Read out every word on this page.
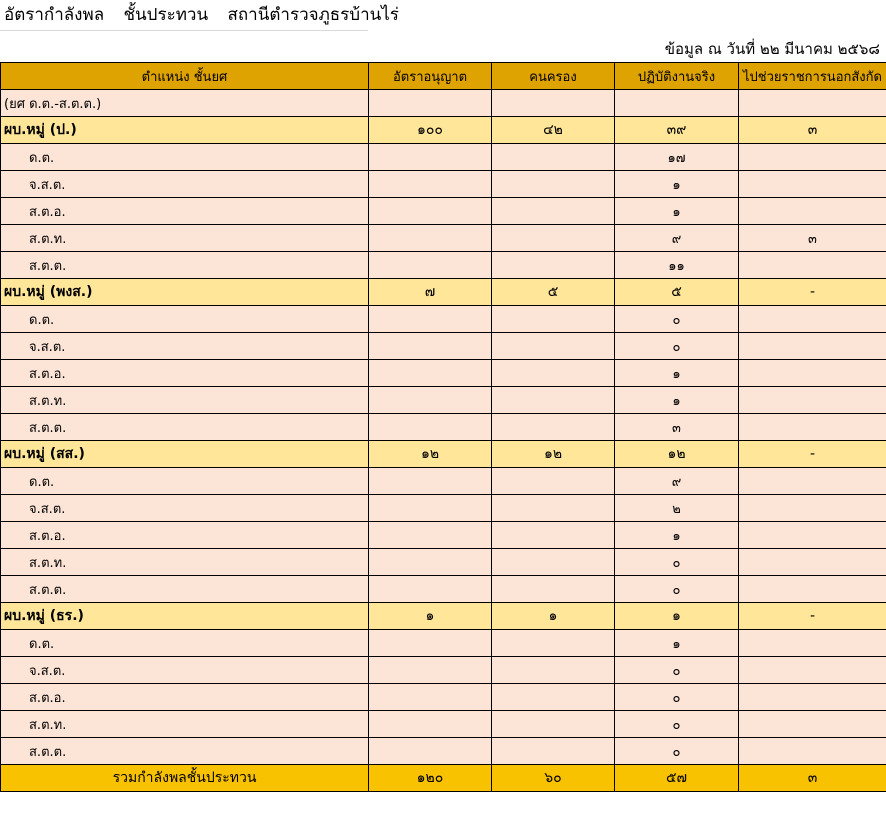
อัตรากำลังพล ชั้นประทวน สถานีตำรวจภูธรบ้านไร่
ข้อมูล ณ วันที่ ๒๒ มีนาคม ๒๕๖๘
ตำแหน่ง ชั้นยศ	อัตราอนุญาต	คนครอง	ปฏิบัติงานจริง	ไปช่วยราชการนอกสังกัด
(ยศ ด.ต.-ส.ต.ต.)				
ผบ.หมู่ (ป.)	๑๐๐	๔๒	๓๙	๓
ด.ต.			๑๗	
จ.ส.ต.			๑	
ส.ต.อ.			๑	
ส.ต.ท.			๙	๓
ส.ต.ต.			๑๑	
ผบ.หมู่ (พงส.)	๗	๕	๕	-
ด.ต.			๐	
จ.ส.ต.			๐	
ส.ต.อ.			๑	
ส.ต.ท.			๑	
ส.ต.ต.			๓	
ผบ.หมู่ (สส.)	๑๒	๑๒	๑๒	-
ด.ต.			๙	
จ.ส.ต.			๒	
ส.ต.อ.			๑	
ส.ต.ท.			๐	
ส.ต.ต.			๐	
ผบ.หมู่ (ธร.)	๑	๑	๑	-
ด.ต.			๑	
จ.ส.ต.			๐	
ส.ต.อ.			๐	
ส.ต.ท.			๐	
ส.ต.ต.			๐	
รวมกำลังพลชั้นประทวน	๑๒๐	๖๐	๕๗	๓
